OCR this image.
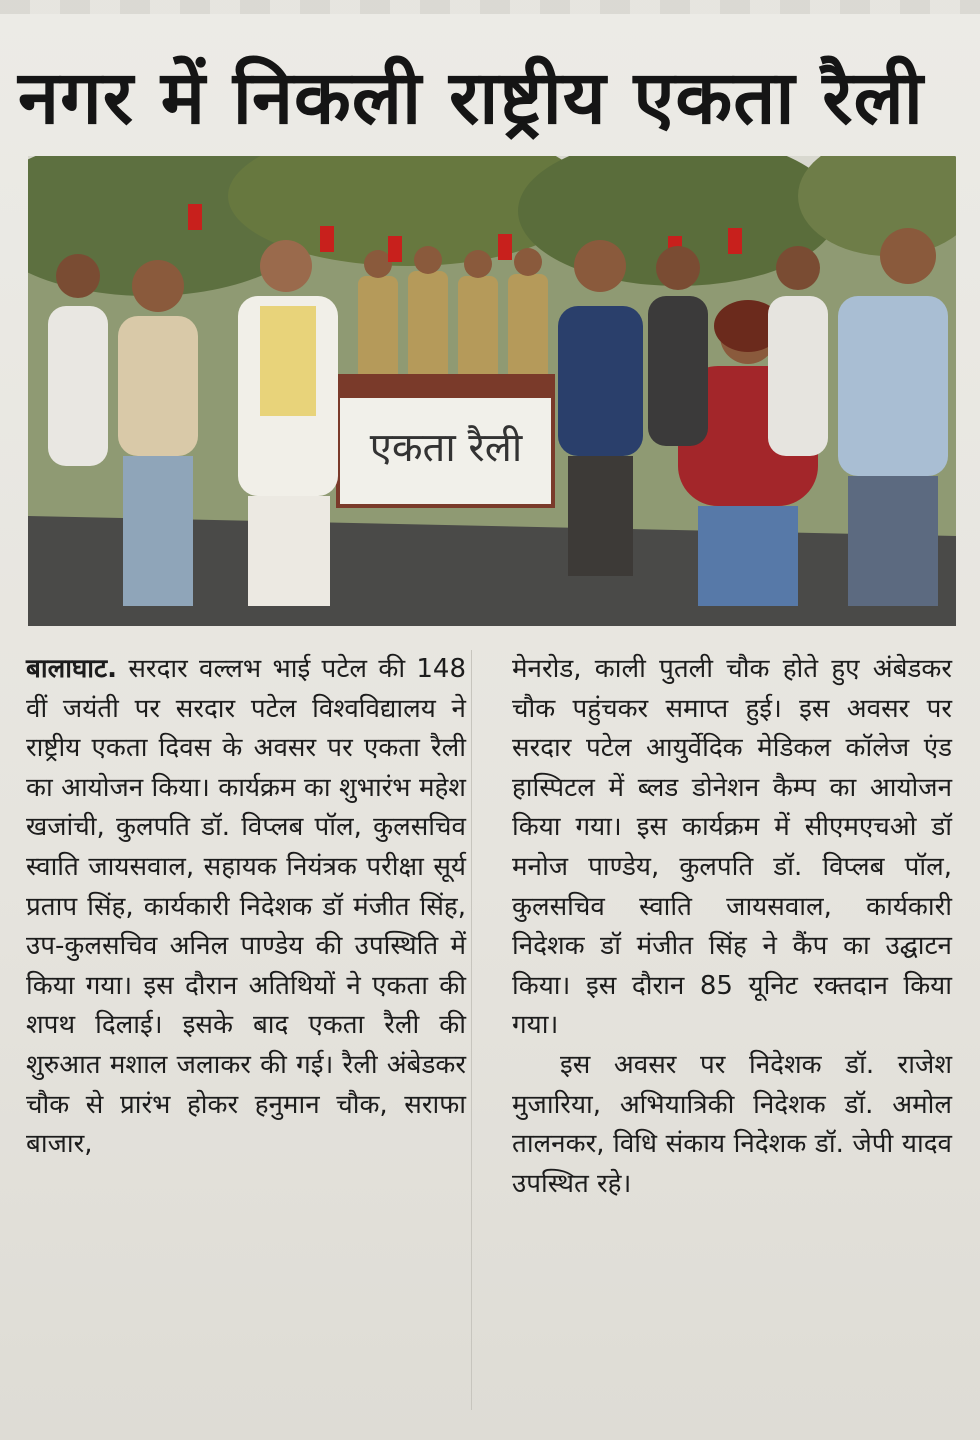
नगर में निकली राष्ट्रीय एकता रैली
एकता रैली

बालाघाट. सरदार वल्लभ भाई पटेल की 148 वीं जयंती पर सरदार पटेल विश्वविद्यालय ने राष्ट्रीय एकता दिवस के अवसर पर एकता रैली का आयोजन किया। कार्यक्रम का शुभारंभ महेश खजांची, कुलपति डॉ. विप्लब पॉल, कुलसचिव स्वाति जायसवाल, सहायक नियंत्रक परीक्षा सूर्य प्रताप सिंह, कार्यकारी निदेशक डॉ मंजीत सिंह, उप-कुलसचिव अनिल पाण्डेय की उपस्थिति में किया गया। इस दौरान अतिथियों ने एकता की शपथ दिलाई। इसके बाद एकता रैली की शुरुआत मशाल जलाकर की गई। रैली अंबेडकर चौक से प्रारंभ होकर हनुमान चौक, सराफा बाजार,

मेनरोड, काली पुतली चौक होते हुए अंबेडकर चौक पहुंचकर समाप्त हुई। इस अवसर पर सरदार पटेल आयुर्वेदिक मेडिकल कॉलेज एंड हास्पिटल में ब्लड डोनेशन कैम्प का आयोजन किया गया। इस कार्यक्रम में सीएमएचओ डॉ मनोज पाण्डेय, कुलपति डॉ. विप्लब पॉल, कुलसचिव स्वाति जायसवाल, कार्यकारी निदेशक डॉ मंजीत सिंह ने कैंप का उद्घाटन किया। इस दौरान 85 यूनिट रक्तदान किया गया।

इस अवसर पर निदेशक डॉ. राजेश मुजारिया, अभियात्रिकी निदेशक डॉ. अमोल तालनकर, विधि संकाय निदेशक डॉ. जेपी यादव उपस्थित रहे।
